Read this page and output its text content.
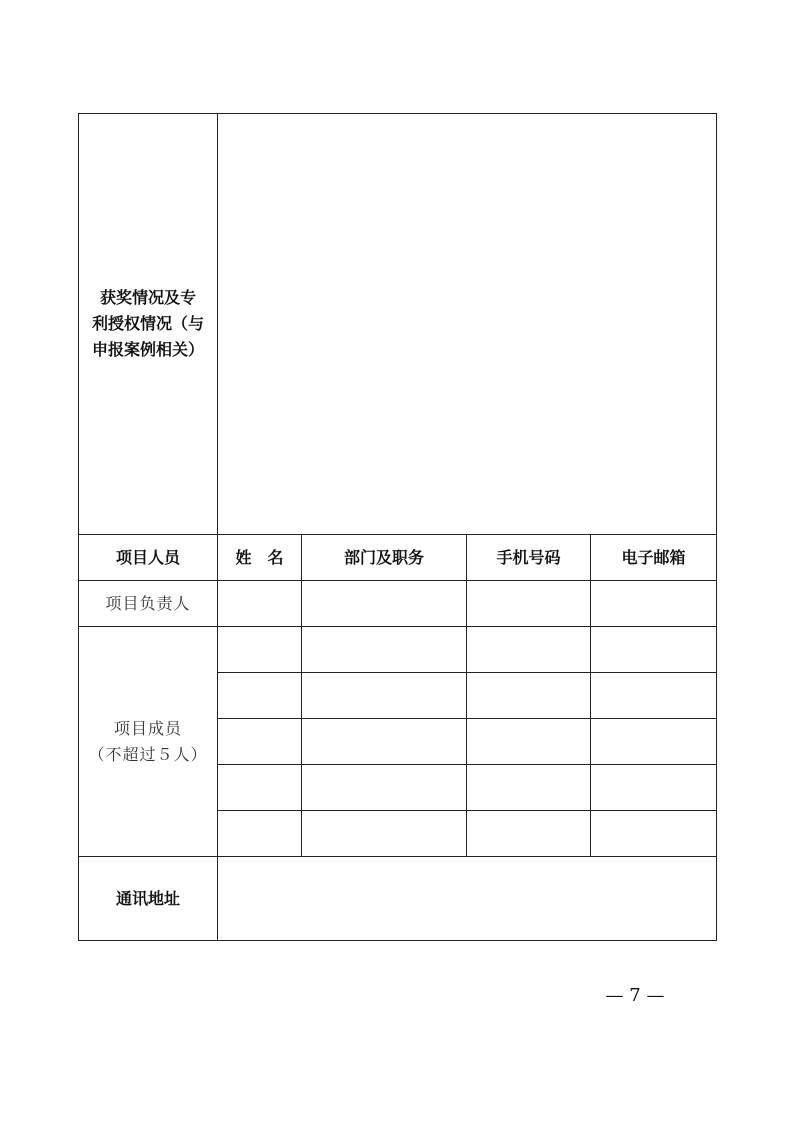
获奖情况及专
利授权情况（与
申报案例相关）				

项目人员	姓　名	部门及职务	手机号码	电子邮箱
项目负责人				

项目成员
（不超过５人）				

通讯地址				
— 7 —
